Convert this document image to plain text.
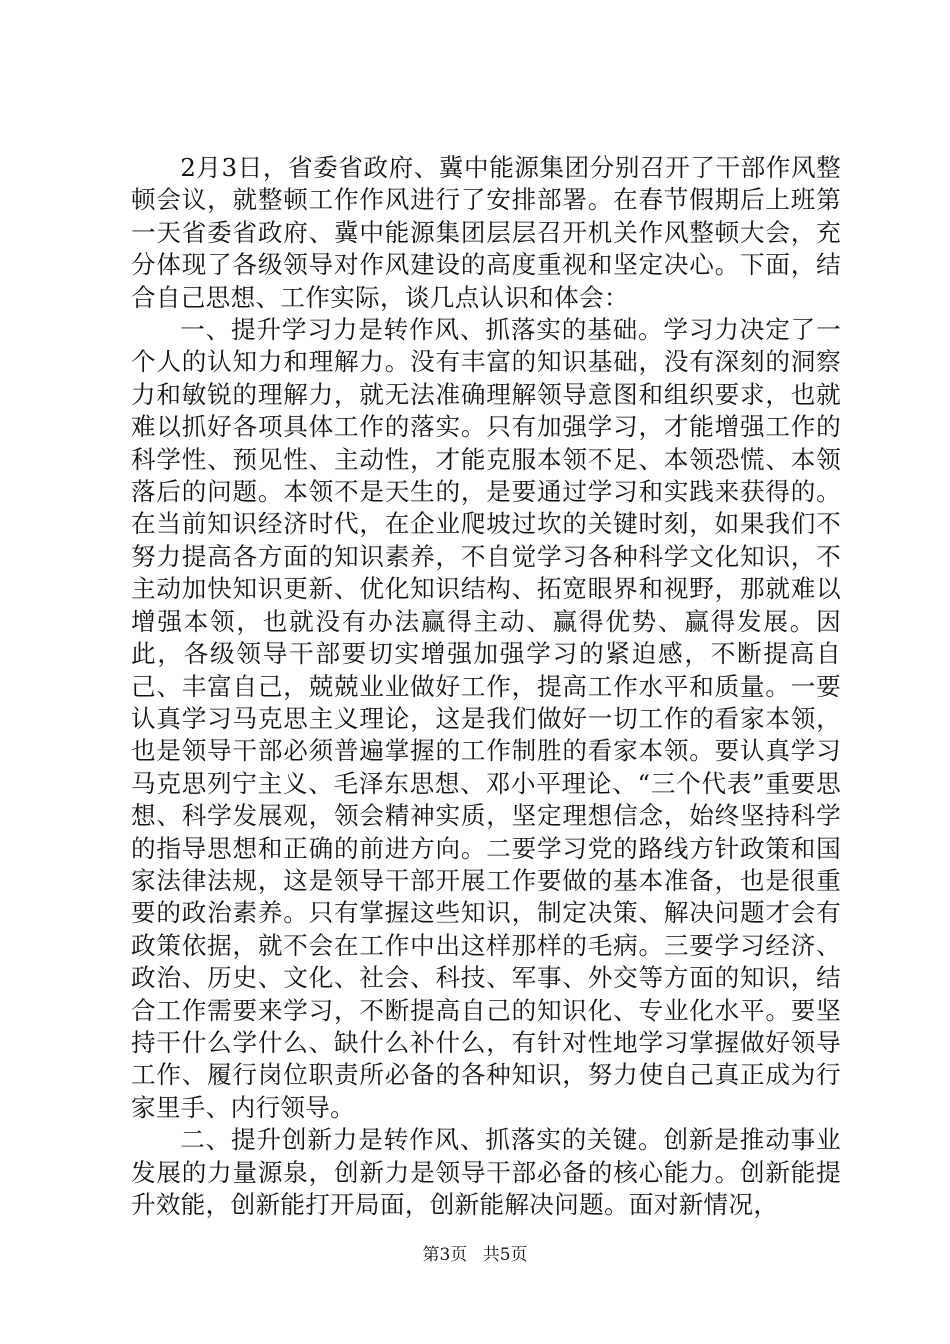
2月3日，省委省政府、冀中能源集团分别召开了干部作风整顿会议，就整顿工作作风进行了安排部署。在春节假期后上班第一天省委省政府、冀中能源集团层层召开机关作风整顿大会，充分体现了各级领导对作风建设的高度重视和坚定决心。下面，结合自己思想、工作实际，谈几点认识和体会：

一、提升学习力是转作风、抓落实的基础。学习力决定了一个人的认知力和理解力。没有丰富的知识基础，没有深刻的洞察力和敏锐的理解力，就无法准确理解领导意图和组织要求，也就难以抓好各项具体工作的落实。只有加强学习，才能增强工作的科学性、预见性、主动性，才能克服本领不足、本领恐慌、本领落后的问题。本领不是天生的，是要通过学习和实践来获得的。在当前知识经济时代，在企业爬坡过坎的关键时刻，如果我们不努力提高各方面的知识素养，不自觉学习各种科学文化知识，不主动加快知识更新、优化知识结构、拓宽眼界和视野，那就难以增强本领，也就没有办法赢得主动、赢得优势、赢得发展。因此，各级领导干部要切实增强加强学习的紧迫感，不断提高自己、丰富自己，兢兢业业做好工作，提高工作水平和质量。一要认真学习马克思主义理论，这是我们做好一切工作的看家本领，也是领导干部必须普遍掌握的工作制胜的看家本领。要认真学习马克思列宁主义、毛泽东思想、邓小平理论、“三个代表”重要思想、科学发展观，领会精神实质，坚定理想信念，始终坚持科学的指导思想和正确的前进方向。二要学习党的路线方针政策和国家法律法规，这是领导干部开展工作要做的基本准备，也是很重要的政治素养。只有掌握这些知识，制定决策、解决问题才会有政策依据，就不会在工作中出这样那样的毛病。三要学习经济、政治、历史、文化、社会、科技、军事、外交等方面的知识，结合工作需要来学习，不断提高自己的知识化、专业化水平。要坚持干什么学什么、缺什么补什么，有针对性地学习掌握做好领导工作、履行岗位职责所必备的各种知识，努力使自己真正成为行家里手、内行领导。

二、提升创新力是转作风、抓落实的关键。创新是推动事业发展的力量源泉，创新力是领导干部必备的核心能力。创新能提升效能，创新能打开局面，创新能解决问题。面对新情况，

第3页 共5页
